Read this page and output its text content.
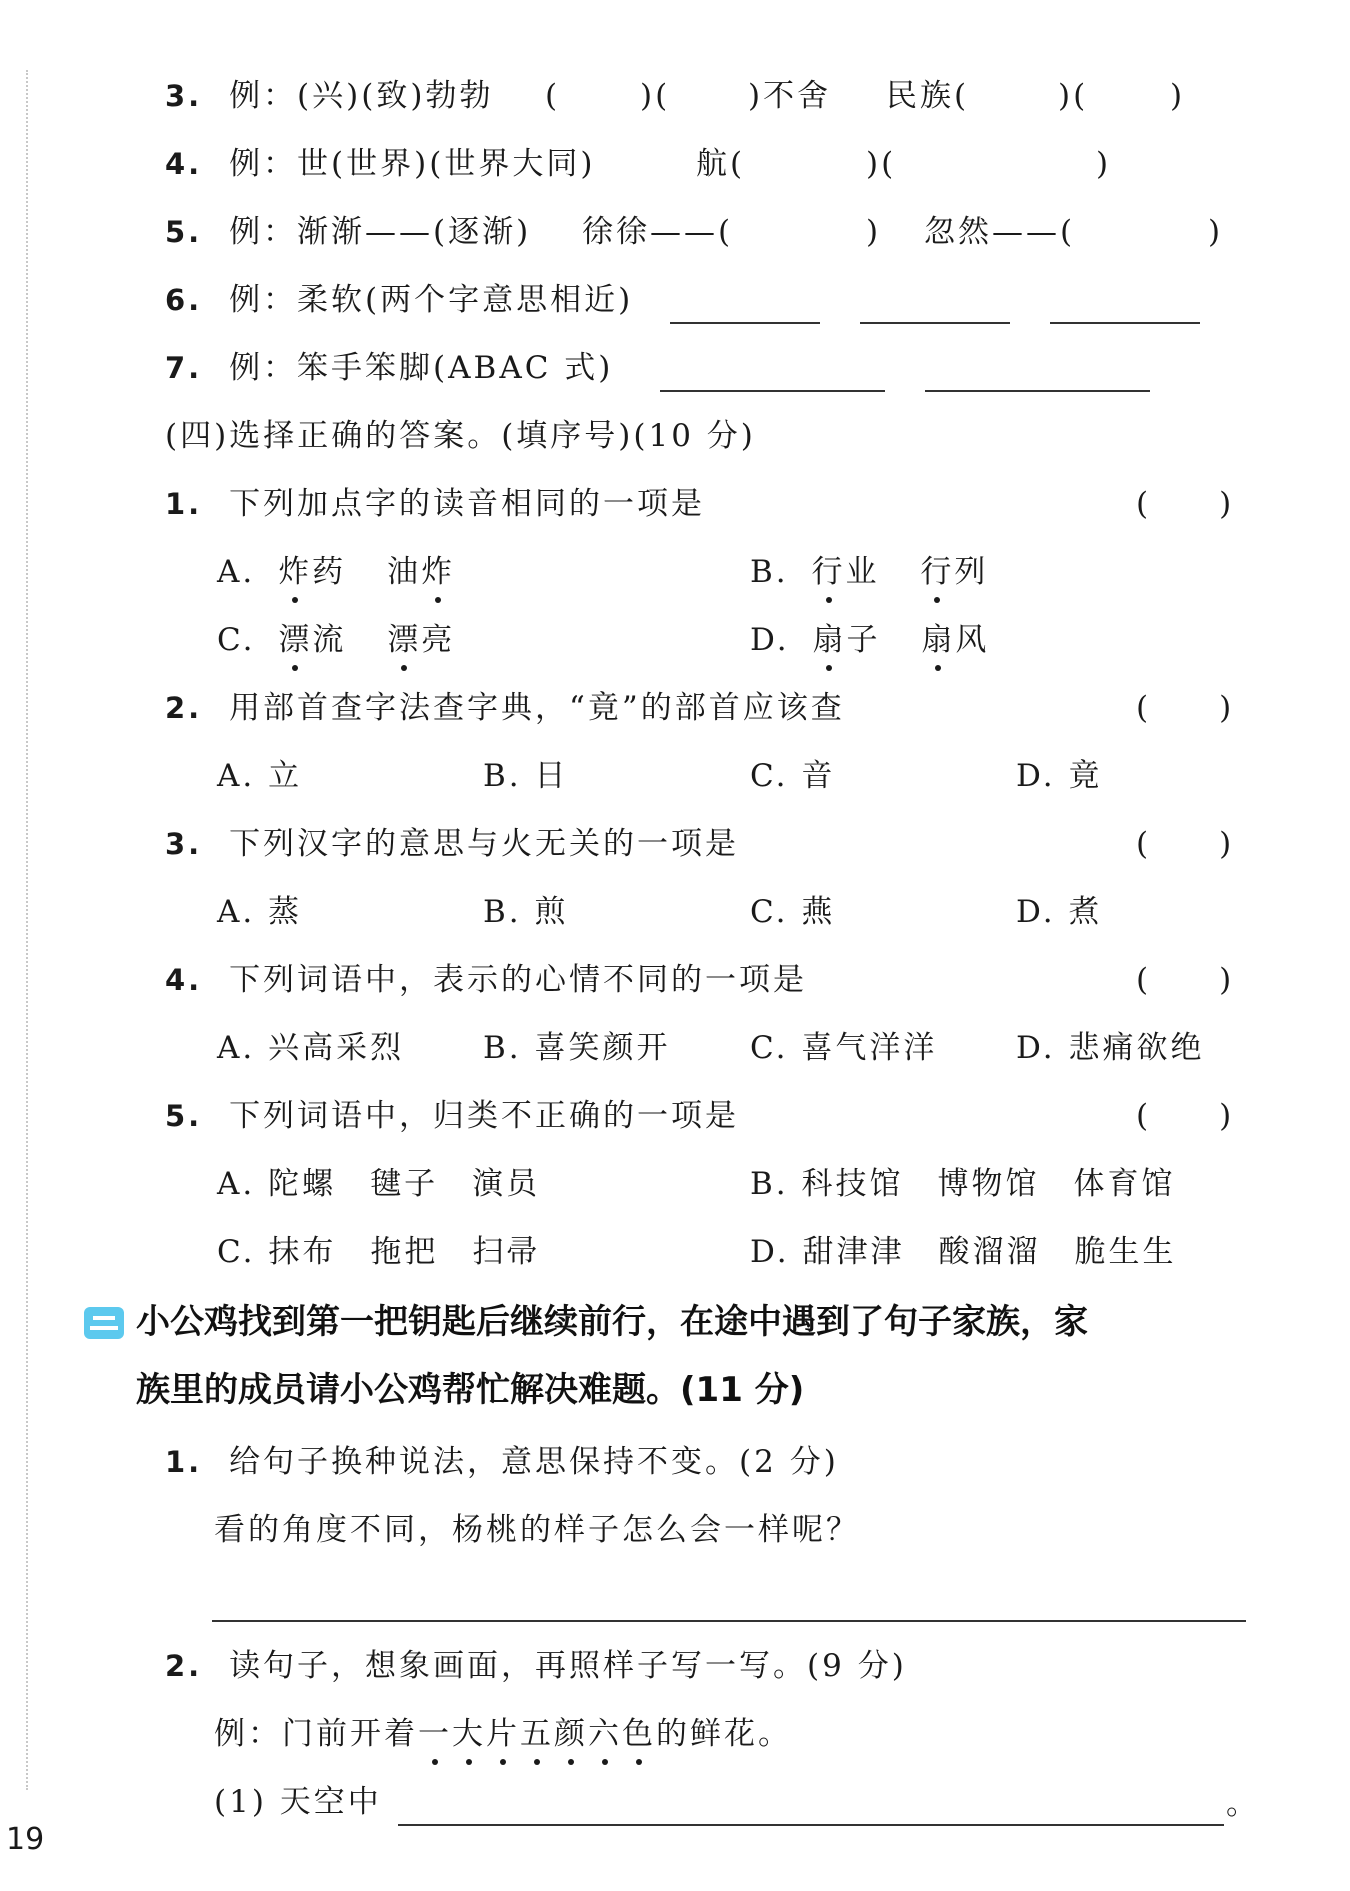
3. 例：(兴)(致)勃勃 (	)(	)不舍 民族(	)(	)
4. 例：世(世界)(世界大同)	航(	)(	)
5. 例：渐渐——(逐渐) 徐徐——(	) 忽然——(	)
6. 例：柔软(两个字意思相近)
7. 例：笨手笨脚(ABAC 式)
(四)选择正确的答案。(填序号)(10 分)
1. 下列加点字的读音相同的一项是	(　　)
A. 炸药 油炸	B. 行业 行列
C. 漂流 漂亮	D. 扇子 扇风
2. 用部首查字法查字典，“竟”的部首应该查	(　　)
A. 立	B. 日	C. 音	D. 竟
3. 下列汉字的意思与火无关的一项是	(　　)
A. 蒸	B. 煎	C. 燕	D. 煮
4. 下列词语中，表示的心情不同的一项是	(　　)
A. 兴高采烈	B. 喜笑颜开	C. 喜气洋洋	D. 悲痛欲绝
5. 下列词语中，归类不正确的一项是	(　　)
A. 陀螺　毽子　演员	B. 科技馆　博物馆　体育馆
C. 抹布　拖把　扫帚	D. 甜津津　酸溜溜　脆生生
小公鸡找到第一把钥匙后继续前行，在途中遇到了句子家族，家
族里的成员请小公鸡帮忙解决难题。(11 分)
1. 给句子换种说法，意思保持不变。(2 分)
看的角度不同，杨桃的样子怎么会一样呢？
2. 读句子，想象画面，再照样子写一写。(9 分)
例：门前开着一大片五颜六色的鲜花。
(1) 天空中	。
19
